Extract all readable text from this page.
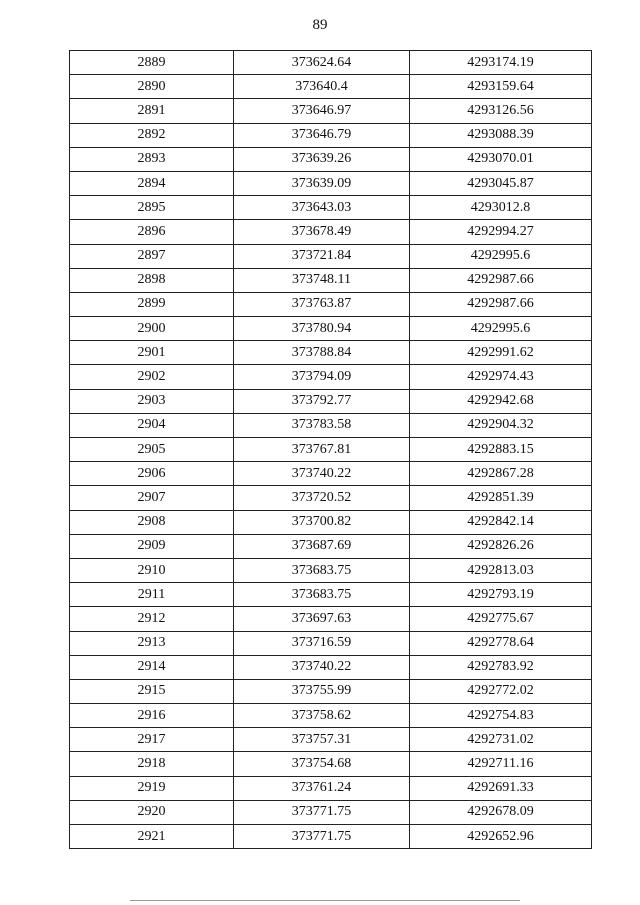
89
2889	373624.64	4293174.19
2890	373640.4	4293159.64
2891	373646.97	4293126.56
2892	373646.79	4293088.39
2893	373639.26	4293070.01
2894	373639.09	4293045.87
2895	373643.03	4293012.8
2896	373678.49	4292994.27
2897	373721.84	4292995.6
2898	373748.11	4292987.66
2899	373763.87	4292987.66
2900	373780.94	4292995.6
2901	373788.84	4292991.62
2902	373794.09	4292974.43
2903	373792.77	4292942.68
2904	373783.58	4292904.32
2905	373767.81	4292883.15
2906	373740.22	4292867.28
2907	373720.52	4292851.39
2908	373700.82	4292842.14
2909	373687.69	4292826.26
2910	373683.75	4292813.03
2911	373683.75	4292793.19
2912	373697.63	4292775.67
2913	373716.59	4292778.64
2914	373740.22	4292783.92
2915	373755.99	4292772.02
2916	373758.62	4292754.83
2917	373757.31	4292731.02
2918	373754.68	4292711.16
2919	373761.24	4292691.33
2920	373771.75	4292678.09
2921	373771.75	4292652.96
